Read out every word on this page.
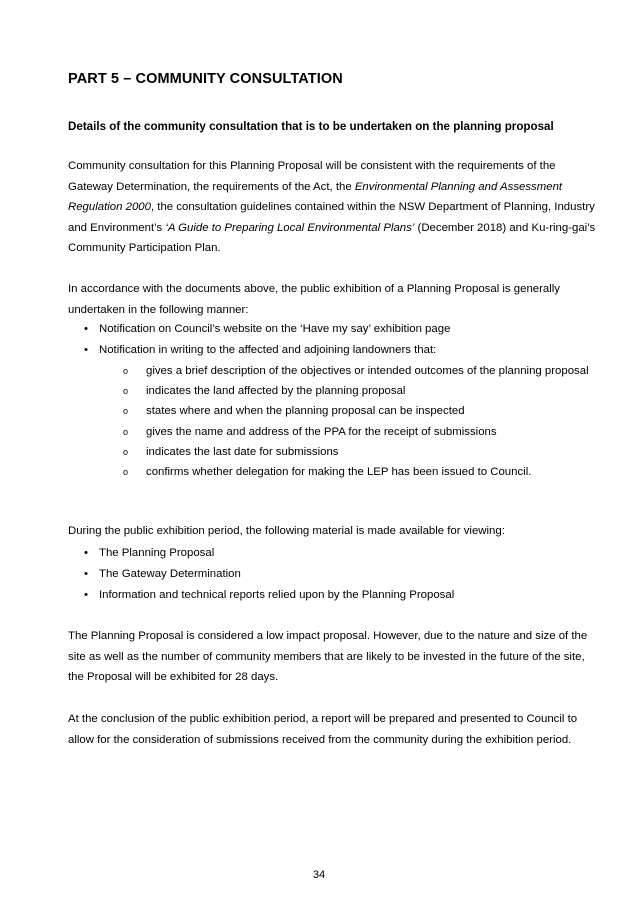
PART 5 – COMMUNITY CONSULTATION
Details of the community consultation that is to be undertaken on the planning proposal

Community consultation for this Planning Proposal will be consistent with the requirements of the Gateway Determination, the requirements of the Act, the Environmental Planning and Assessment Regulation 2000, the consultation guidelines contained within the NSW Department of Planning, Industry and Environment’s ‘A Guide to Preparing Local Environmental Plans’ (December 2018) and Ku-ring-gai’s Community Participation Plan.

In accordance with the documents above, the public exhibition of a Planning Proposal is generally undertaken in the following manner:

• Notification on Council’s website on the ‘Have my say’ exhibition page
• Notification in writing to the affected and adjoining landowners that:
o gives a brief description of the objectives or intended outcomes of the planning proposal
o indicates the land affected by the planning proposal
o states where and when the planning proposal can be inspected
o gives the name and address of the PPA for the receipt of submissions
o indicates the last date for submissions
o confirms whether delegation for making the LEP has been issued to Council.

During the public exhibition period, the following material is made available for viewing:

• The Planning Proposal
• The Gateway Determination
• Information and technical reports relied upon by the Planning Proposal

The Planning Proposal is considered a low impact proposal. However, due to the nature and size of the site as well as the number of community members that are likely to be invested in the future of the site, the Proposal will be exhibited for 28 days.

At the conclusion of the public exhibition period, a report will be prepared and presented to Council to allow for the consideration of submissions received from the community during the exhibition period.

34
